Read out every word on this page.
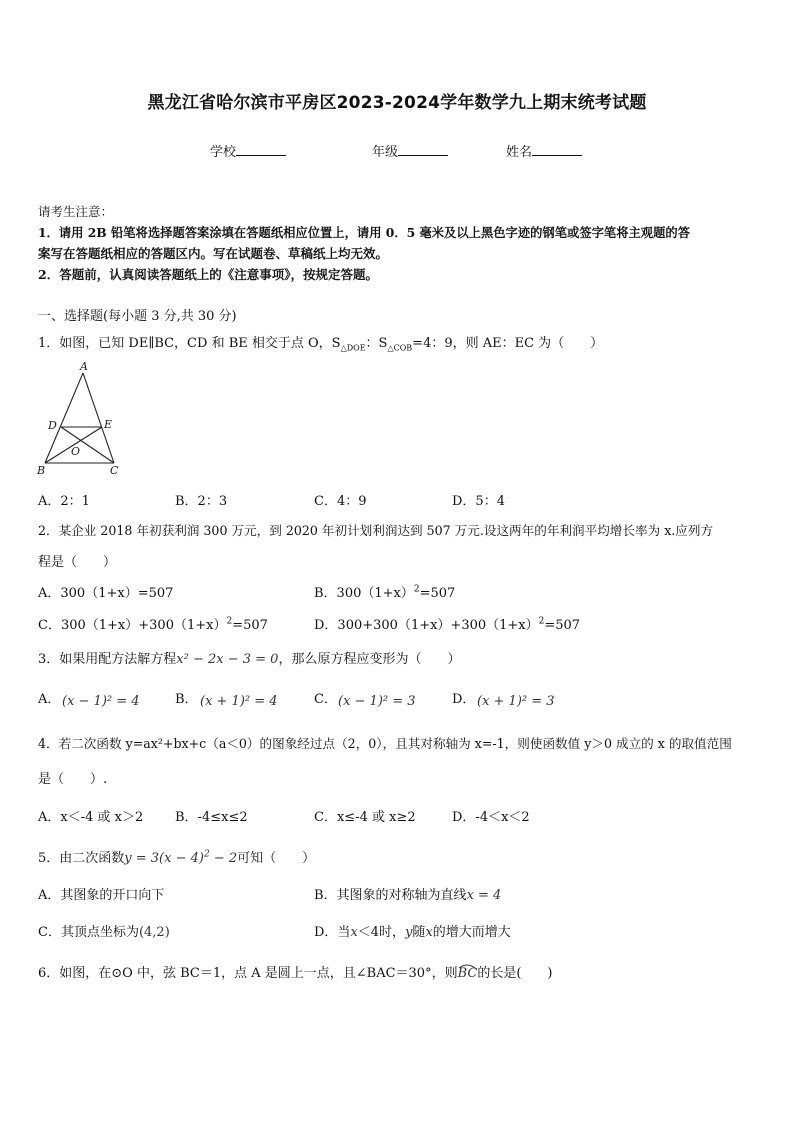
黑龙江省哈尔滨市平房区2023-2024学年数学九上期末统考试题
学校	年级	姓名
请考生注意：
1．请用 2B 铅笔将选择题答案涂填在答题纸相应位置上，请用 0．5 毫米及以上黑色字迹的钢笔或签字笔将主观题的答
案写在答题纸相应的答题区内。写在试题卷、草稿纸上均无效。
2．答题前，认真阅读答题纸上的《注意事项》，按规定答题。
一、选择题(每小题 3 分,共 30 分)
1．如图，已知 DE∥BC，CD 和 BE 相交于点 O，$S_{\triangle DOE}$：$S_{\triangle COB}=4$：9，则 AE：EC 为（　　）
A
D	E
O
B	C
A．2：1	B．2：3	C．4：9	D．5：4
2．某企业 2018 年初获利润 300 万元，到 2020 年初计划利润达到 507 万元.设这两年的年利润平均增长率为 x.应列方
程是（　　）
A．300（1+x）=507	B．$300(1+x)^2=507$
C．$300(1+x)+300(1+x)^2=507$	D．$300+300(1+x)+300(1+x)^2=507$
3．如果用配方法解方程x² − 2x − 3 = 0，那么原方程应变形为（　　）
A． (x − 1)² = 4	B． (x + 1)² = 4	C． (x − 1)² = 3	D． (x + 1)² = 3
4．若二次函数 y=ax²+bx+c（a＜0）的图象经过点（2，0），且其对称轴为 x=-1，则使函数值 y＞0 成立的 x 的取值范围
是（　　）.
A．x＜-4 或 x＞2 B．-4≤x≤2	C．x≤-4 或 x≥2	D．-4＜x＜2
5．由二次函数$y = 3(x - 4)^2 - 2$可知（　　）
A．其图象的开口向下	B．其图象的对称轴为直线x = 4
C．其顶点坐标为(4,2)	D．当x＜4时，y随x的增大而增大
6．如图，在⊙O 中，弦 BC＝1，点 A 是圆上一点，且∠BAC＝30°，则
BC的长是(　　)
